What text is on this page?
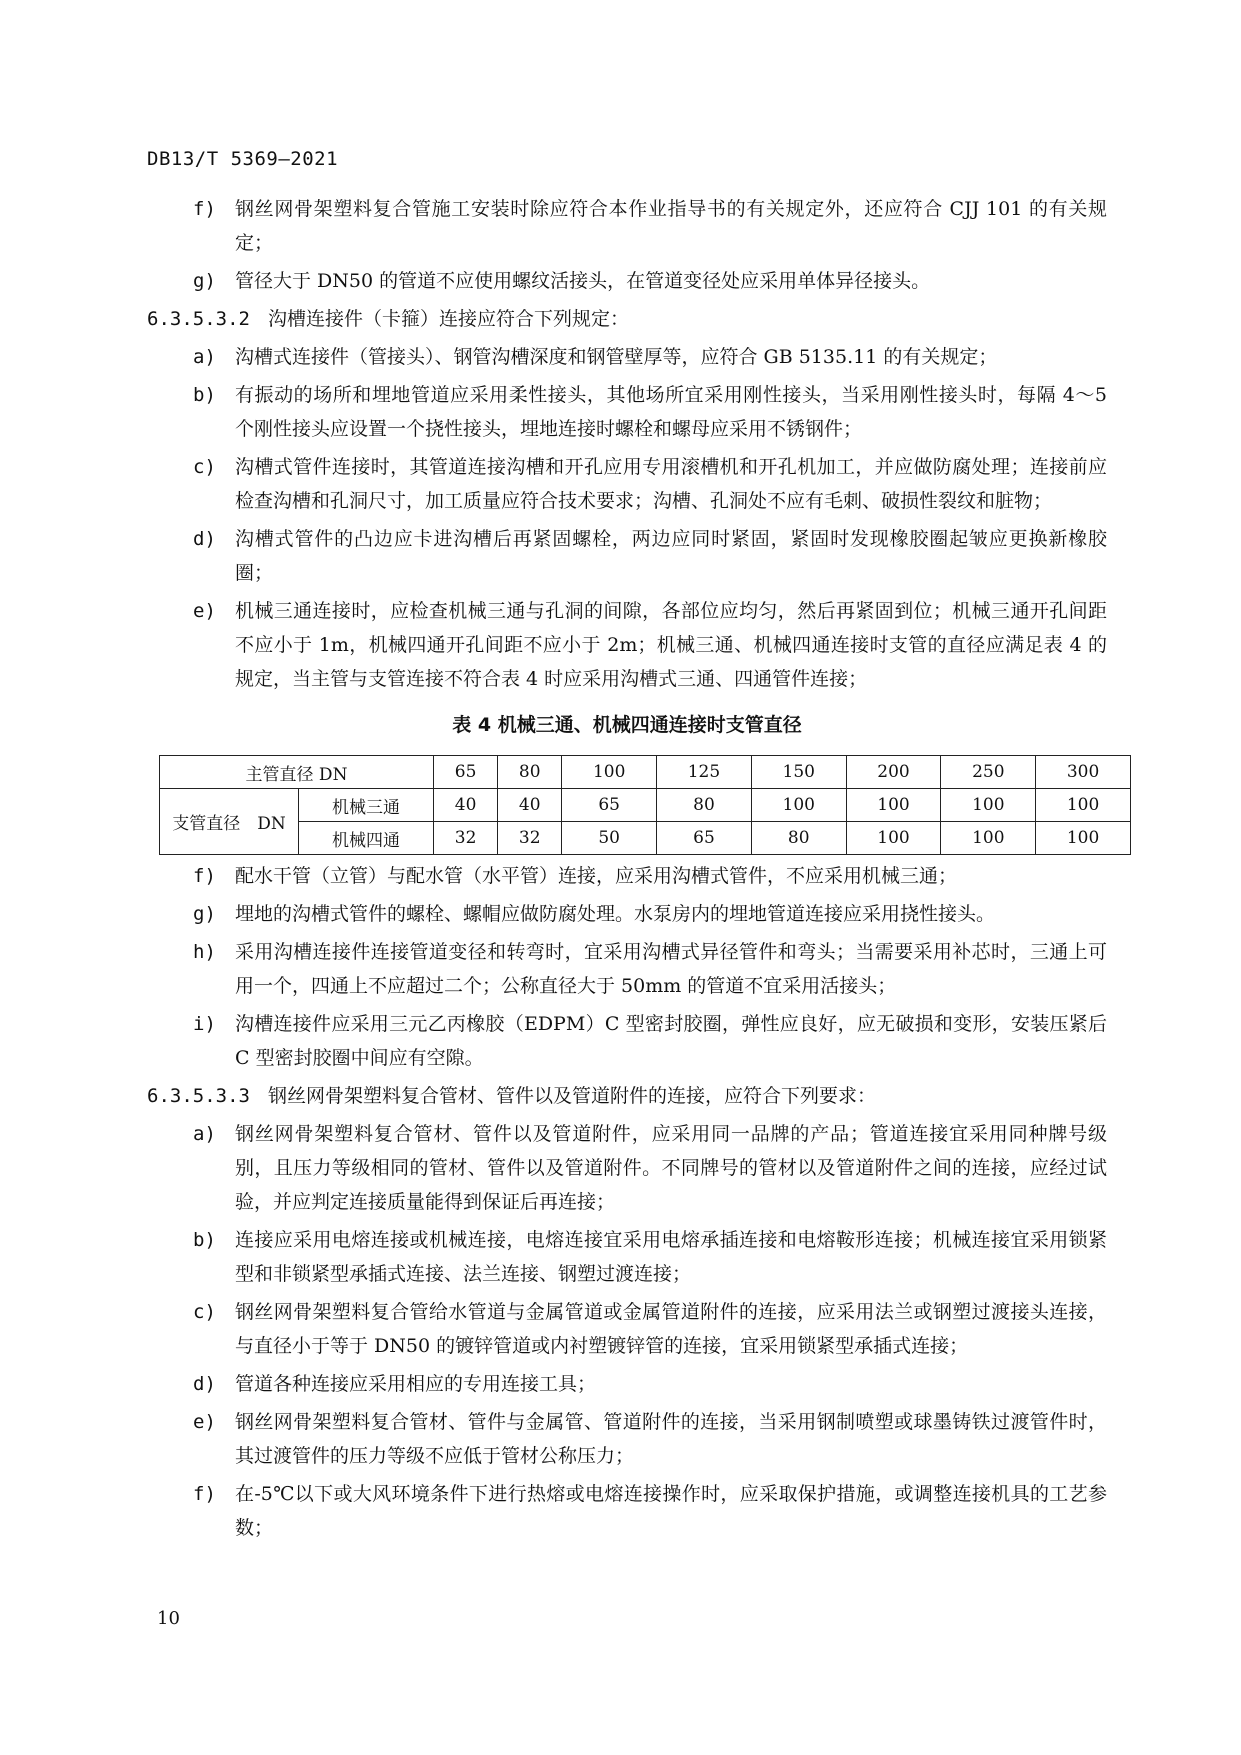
DB13/T 5369—2021
f)	钢丝网骨架塑料复合管施工安装时除应符合本作业指导书的有关规定外，还应符合 CJJ 101 的有关规定；
g)	管径大于 DN50 的管道不应使用螺纹活接头，在管道变径处应采用单体异径接头。
6.3.5.3.2 沟槽连接件（卡箍）连接应符合下列规定：
a)	沟槽式连接件（管接头）、钢管沟槽深度和钢管壁厚等，应符合 GB 5135.11 的有关规定；
b)	有振动的场所和埋地管道应采用柔性接头，其他场所宜采用刚性接头，当采用刚性接头时，每隔 4～5 个刚性接头应设置一个挠性接头，埋地连接时螺栓和螺母应采用不锈钢件；
c)	沟槽式管件连接时，其管道连接沟槽和开孔应用专用滚槽机和开孔机加工，并应做防腐处理；连接前应检查沟槽和孔洞尺寸，加工质量应符合技术要求；沟槽、孔洞处不应有毛刺、破损性裂纹和脏物；
d)	沟槽式管件的凸边应卡进沟槽后再紧固螺栓，两边应同时紧固，紧固时发现橡胶圈起皱应更换新橡胶圈；
e)	机械三通连接时，应检查机械三通与孔洞的间隙，各部位应均匀，然后再紧固到位；机械三通开孔间距不应小于 1m，机械四通开孔间距不应小于 2m；机械三通、机械四通连接时支管的直径应满足表 4 的规定，当主管与支管连接不符合表 4 时应采用沟槽式三通、四通管件连接；
表 4 机械三通、机械四通连接时支管直径
主管直径 DN		65	80	100	125	150	200	250	300
支管直径　DN	机械三通	40	40	65	80	100	100	100	100
	机械四通	32	32	50	65	80	100	100	100
f)	配水干管（立管）与配水管（水平管）连接，应采用沟槽式管件，不应采用机械三通；
g)	埋地的沟槽式管件的螺栓、螺帽应做防腐处理。水泵房内的埋地管道连接应采用挠性接头。
h)	采用沟槽连接件连接管道变径和转弯时，宜采用沟槽式异径管件和弯头；当需要采用补芯时，三通上可用一个，四通上不应超过二个；公称直径大于 50mm 的管道不宜采用活接头；
i)	沟槽连接件应采用三元乙丙橡胶（EDPM）C 型密封胶圈，弹性应良好，应无破损和变形，安装压紧后 C 型密封胶圈中间应有空隙。
6.3.5.3.3 钢丝网骨架塑料复合管材、管件以及管道附件的连接，应符合下列要求：
a)	钢丝网骨架塑料复合管材、管件以及管道附件，应采用同一品牌的产品；管道连接宜采用同种牌号级别，且压力等级相同的管材、管件以及管道附件。不同牌号的管材以及管道附件之间的连接，应经过试验，并应判定连接质量能得到保证后再连接；
b)	连接应采用电熔连接或机械连接，电熔连接宜采用电熔承插连接和电熔鞍形连接；机械连接宜采用锁紧型和非锁紧型承插式连接、法兰连接、钢塑过渡连接；
c)	钢丝网骨架塑料复合管给水管道与金属管道或金属管道附件的连接，应采用法兰或钢塑过渡接头连接，与直径小于等于 DN50 的镀锌管道或内衬塑镀锌管的连接，宜采用锁紧型承插式连接；
d)	管道各种连接应采用相应的专用连接工具；
e)	钢丝网骨架塑料复合管材、管件与金属管、管道附件的连接，当采用钢制喷塑或球墨铸铁过渡管件时，其过渡管件的压力等级不应低于管材公称压力；
f)	在-5℃以下或大风环境条件下进行热熔或电熔连接操作时，应采取保护措施，或调整连接机具的工艺参数；
10
